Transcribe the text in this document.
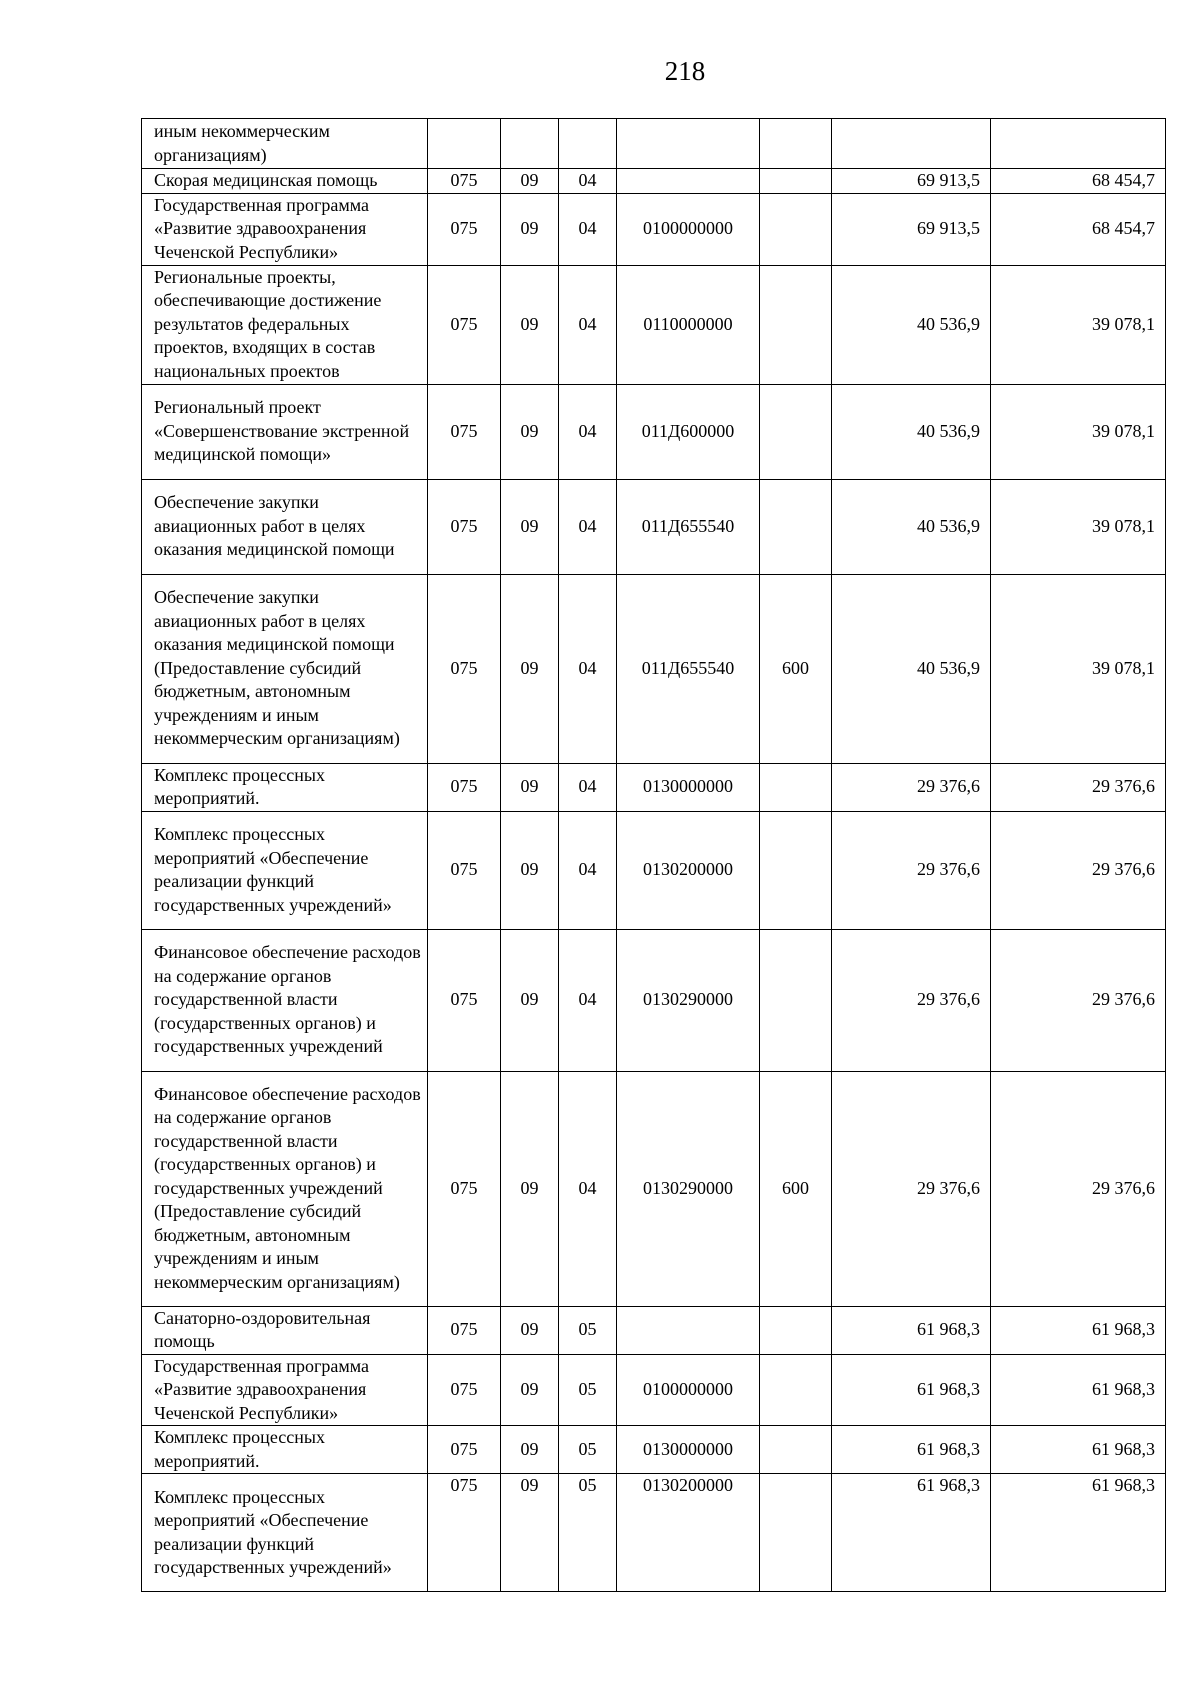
218
иным некоммерческим организациям)							
Скорая медицинская помощь	075	09	04			69 913,5	68 454,7
Государственная программа «Развитие здравоохранения Чеченской Республики»	075	09	04	0100000000		69 913,5	68 454,7
Региональные проекты, обеспечивающие достижение результатов федеральных проектов, входящих в состав национальных проектов	075	09	04	0110000000		40 536,9	39 078,1
Региональный проект «Совершенствование экстренной медицинской помощи»	075	09	04	011Д600000		40 536,9	39 078,1
Обеспечение закупки авиационных работ в целях оказания медицинской помощи	075	09	04	011Д655540		40 536,9	39 078,1
Обеспечение закупки авиационных работ в целях оказания медицинской помощи (Предоставление субсидий бюджетным, автономным учреждениям и иным некоммерческим организациям)	075	09	04	011Д655540	600	40 536,9	39 078,1
Комплекс процессных мероприятий.	075	09	04	0130000000		29 376,6	29 376,6
Комплекс процессных мероприятий «Обеспечение реализации функций государственных учреждений»	075	09	04	0130200000		29 376,6	29 376,6
Финансовое обеспечение расходов на содержание органов государственной власти (государственных органов) и государственных учреждений	075	09	04	0130290000		29 376,6	29 376,6
Финансовое обеспечение расходов на содержание органов государственной власти (государственных органов) и государственных учреждений (Предоставление субсидий бюджетным, автономным учреждениям и иным некоммерческим организациям)	075	09	04	0130290000	600	29 376,6	29 376,6
Санаторно-оздоровительная помощь	075	09	05			61 968,3	61 968,3
Государственная программа «Развитие здравоохранения Чеченской Республики»	075	09	05	0100000000		61 968,3	61 968,3
Комплекс процессных мероприятий.	075	09	05	0130000000		61 968,3	61 968,3
Комплекс процессных мероприятий «Обеспечение реализации функций государственных учреждений»	075	09	05	0130200000		61 968,3	61 968,3
